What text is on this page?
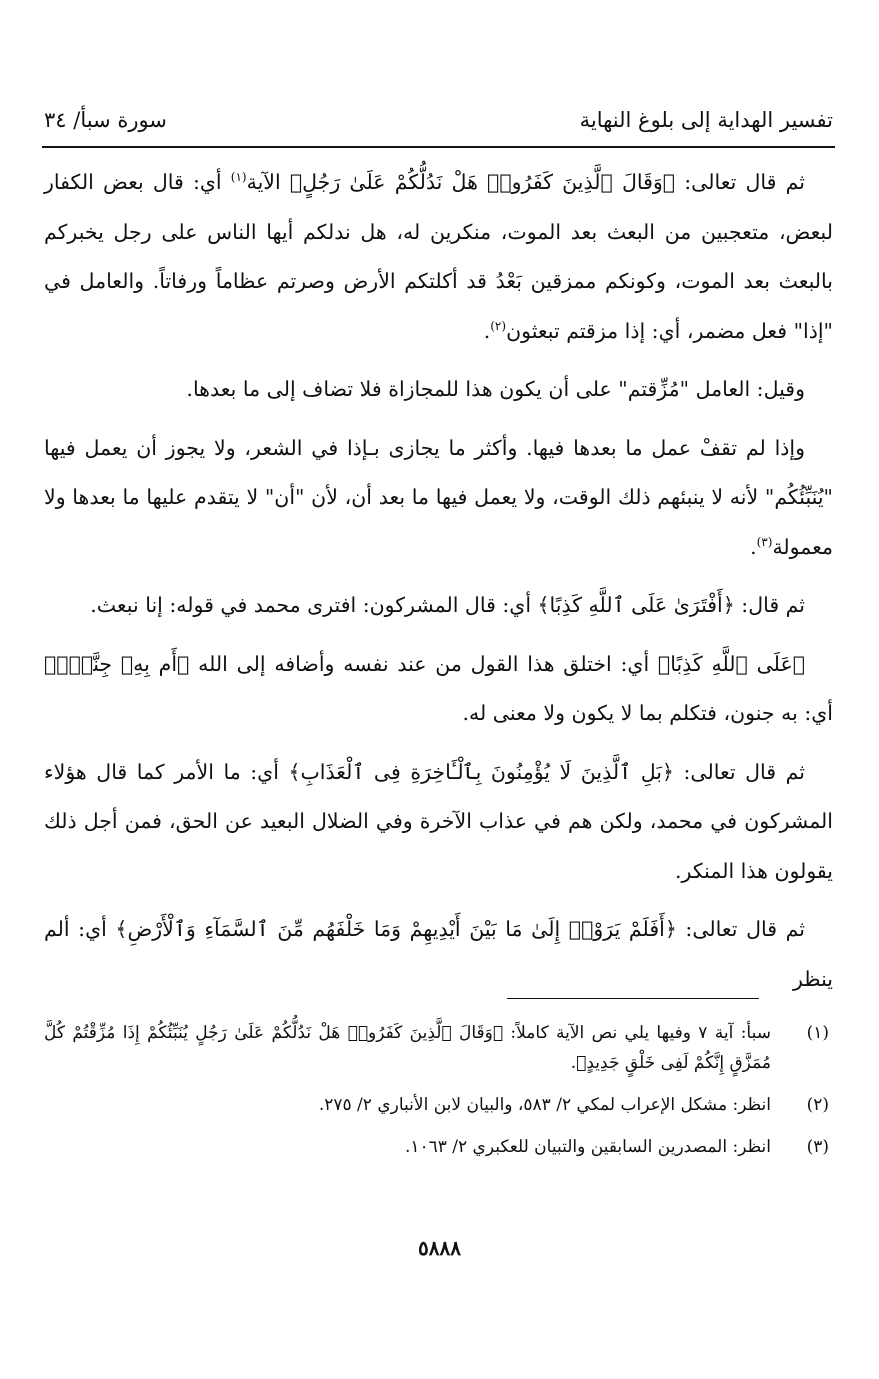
تفسير الهداية إلى بلوغ النهاية
سورة سبأ/ ٣٤

ثم قال تعالى: ﴿وَقَالَ ٱلَّذِينَ كَفَرُوا۟ هَلْ نَدُلُّكُمْ عَلَىٰ رَجُلٍ﴾ الآية$^{(١)}$ أي: قال بعض الكفار لبعض، متعجبين من البعث بعد الموت، منكرين له، هل ندلكم أيها الناس على رجل يخبركم بالبعث بعد الموت، وكونكم ممزقين بَعْدُ قد أكلتكم الأرض وصرتم عظاماً ورفاتاً. والعامل في "إذا" فعل مضمر، أي: إذا مزقتم تبعثون$^{(٢)}$.

وقيل: العامل "مُزِّقتم" على أن يكون هذا للمجازاة فلا تضاف إلى ما بعدها.

وإذا لم تقفْ عمل ما بعدها فيها. وأكثر ما يجازى بـإذا في الشعر، ولا يجوز أن يعمل فيها "يُنَبِّئُكُم" لأنه لا ينبئهم ذلك الوقت، ولا يعمل فيها ما بعد أن، لأن "أن" لا يتقدم عليها ما بعدها ولا معمولة$^{(٣)}$.

ثم قال: ﴿أَفْتَرَىٰ عَلَى ٱللَّهِ كَذِبًا﴾ أي: قال المشركون: افترى محمد في قوله: إنا نبعث.

﴿عَلَى ٱللَّهِ كَذِبًا﴾ أي: اختلق هذا القول من عند نفسه وأضافه إلى الله ﴿أَم بِهِۦ جِنَّةٌۢ﴾ أي: به جنون، فتكلم بما لا يكون ولا معنى له.

ثم قال تعالى: ﴿بَلِ ٱلَّذِينَ لَا يُؤْمِنُونَ بِٱلْـَٔاخِرَةِ فِى ٱلْعَذَابِ﴾ أي: ما الأمر كما قال هؤلاء المشركون في محمد، ولكن هم في عذاب الآخرة وفي الضلال البعيد عن الحق، فمن أجل ذلك يقولون هذا المنكر.

ثم قال تعالى: ﴿أَفَلَمْ يَرَوْا۟ إِلَىٰ مَا بَيْنَ أَيْدِيهِمْ وَمَا خَلْفَهُم مِّنَ ٱلسَّمَآءِ وَٱلْأَرْضِ﴾ أي: ألم ينظر

(١)
سبأ: آية ٧ وفيها يلي نص الآية كاملاً: ﴿وَقَالَ ٱلَّذِينَ كَفَرُوا۟ هَلْ نَدُلُّكُمْ عَلَىٰ رَجُلٍ يُنَبِّئُكُمْ إِذَا مُزِّقْتُمْ كُلَّ مُمَزَّقٍ إِنَّكُمْ لَفِى خَلْقٍ جَدِيدٍ﴾.
(٢)
انظر: مشكل الإعراب لمكي ٢/ ٥٨٣، والبيان لابن الأنباري ٢/ ٢٧٥.
(٣)
انظر: المصدرين السابقين والتبيان للعكبري ٢/ ١٠٦٣.
٥٨٨٨
